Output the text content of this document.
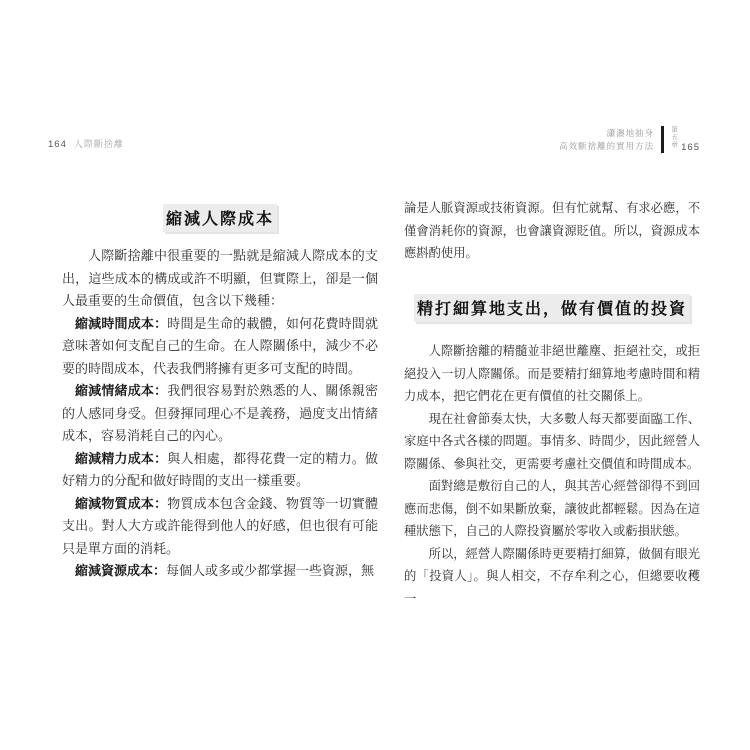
164 人際斷捨離
瀟灑地抽身
高效斷捨離的實用方法 第五章 165
縮減人際成本

人際斷捨離中很重要的一點就是縮減人際成本的支出，這些成本的構成或許不明顯，但實際上，卻是一個人最重要的生命價值，包含以下幾種：

縮減時間成本：時間是生命的載體，如何花費時間就意味著如何支配自己的生命。在人際關係中，減少不必要的時間成本，代表我們將擁有更多可支配的時間。

縮減情緒成本：我們很容易對於熟悉的人、關係親密的人感同身受。但發揮同理心不是義務，過度支出情緒成本，容易消耗自己的內心。

縮減精力成本：與人相處，都得花費一定的精力。做好精力的分配和做好時間的支出一樣重要。

縮減物質成本：物質成本包含金錢、物質等一切實體支出。對人大方或許能得到他人的好感，但也很有可能只是單方面的消耗。

縮減資源成本：每個人或多或少都掌握一些資源，無

論是人脈資源或技術資源。但有忙就幫、有求必應，不僅會消耗你的資源，也會讓資源貶值。所以，資源成本應斟酌使用。

精打細算地支出，做有價值的投資

人際斷捨離的精髓並非絕世離塵、拒絕社交，或拒絕投入一切人際關係。而是要精打細算地考慮時間和精力成本，把它們花在更有價值的社交關係上。

現在社會節奏太快，大多數人每天都要面臨工作、家庭中各式各樣的問題。事情多、時間少，因此經營人際關係、參與社交，更需要考慮社交價值和時間成本。

面對總是敷衍自己的人，與其苦心經營卻得不到回應而悲傷，倒不如果斷放棄，讓彼此都輕鬆。因為在這種狀態下，自己的人際投資屬於零收入或虧損狀態。

所以，經營人際關係時更要精打細算，做個有眼光的「投資人」。與人相交，不存牟利之心，但總要收穫一
